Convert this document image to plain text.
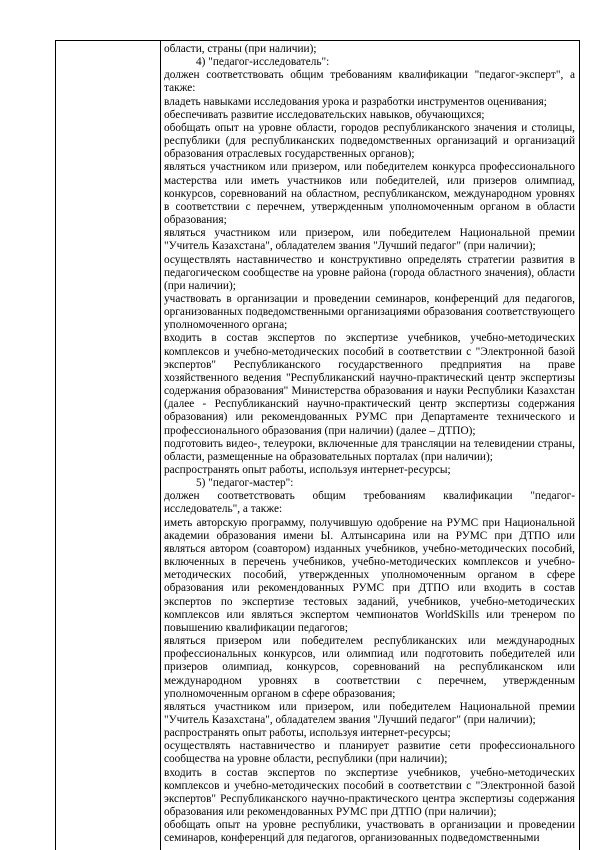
области, страны (при наличии);

4) "педагог-исследователь":

должен соответствовать общим требованиям квалификации "педагог-эксперт", а также:

владеть навыками исследования урока и разработки инструментов оценивания;

обеспечивать развитие исследовательских навыков, обучающихся;

обобщать опыт на уровне области, городов республиканского значения и столицы, республики (для республиканских подведомственных организаций и организаций образования отраслевых государственных органов);

являться участником или призером, или победителем конкурса профессионального мастерства или иметь участников или победителей, или призеров олимпиад, конкурсов, соревнований на областном, республиканском, международном уровнях в соответствии с перечнем, утвержденным уполномоченным органом в области образования;

являться участником или призером, или победителем Национальной премии "Учитель Казахстана", обладателем звания "Лучший педагог" (при наличии);

осуществлять наставничество и конструктивно определять стратегии развития в педагогическом сообществе на уровне района (города областного значения), области (при наличии);

участвовать в организации и проведении семинаров, конференций для педагогов, организованных подведомственными организациями образования соответствующего уполномоченного органа;

входить в состав экспертов по экспертизе учебников, учебно-методических комплексов и учебно-методических пособий в соответствии с "Электронной базой экспертов" Республиканского государственного предприятия на праве хозяйственного ведения "Республиканский научно-практический центр экспертизы содержания образования" Министерства образования и науки Республики Казахстан (далее - Республиканский научно-практический центр экспертизы содержания образования) или рекомендованных РУМС при Департаменте технического и профессионального образования (при наличии) (далее – ДТПО);

подготовить видео-, телеуроки, включенные для трансляции на телевидении страны, области, размещенные на образовательных порталах (при наличии);

распространять опыт работы, используя интернет-ресурсы;

5) "педагог-мастер":

должен соответствовать общим требованиям квалификации "педагог-исследователь", а также:

иметь авторскую программу, получившую одобрение на РУМС при Национальной академии образования имени Ы. Алтынсарина или на РУМС при ДТПО или являться автором (соавтором) изданных учебников, учебно-методических пособий, включенных в перечень учебников, учебно-методических комплексов и учебно-методических пособий, утвержденных уполномоченным органом в сфере образования или рекомендованных РУМС при ДТПО или входить в состав экспертов по экспертизе тестовых заданий, учебников, учебно-методических комплексов или являться экспертом чемпионатов WorldSkills или тренером по повышению квалификации педагогов;

являться призером или победителем республиканских или международных профессиональных конкурсов, или олимпиад или подготовить победителей или призеров олимпиад, конкурсов, соревнований на республиканском или международном уровнях в соответствии с перечнем, утвержденным уполномоченным органом в сфере образования;

являться участником или призером, или победителем Национальной премии "Учитель Казахстана", обладателем звания "Лучший педагог" (при наличии);

распространять опыт работы, используя интернет-ресурсы;

осуществлять наставничество и планирует развитие сети профессионального сообщества на уровне области, республики (при наличии);

входить в состав экспертов по экспертизе учебников, учебно-методических комплексов и учебно-методических пособий в соответствии с "Электронной базой экспертов" Республиканского научно-практического центра экспертизы содержания образования или рекомендованных РУМС при ДТПО (при наличии);

обобщать опыт на уровне республики, участвовать в организации и проведении семинаров, конференций для педагогов, организованных подведомственными
